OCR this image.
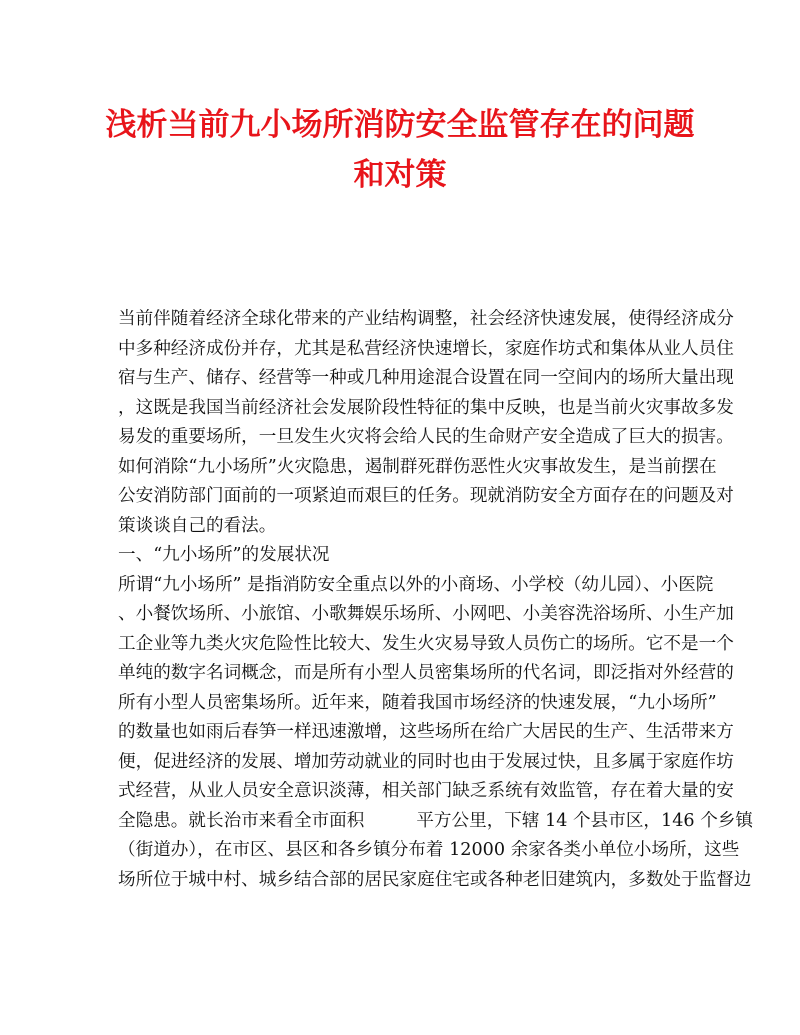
浅析当前九小场所消防安全监管存在的问题
和对策
当前伴随着经济全球化带来的产业结构调整，社会经济快速发展，使得经济成分
中多种经济成份并存，尤其是私营经济快速增长，家庭作坊式和集体从业人员住
宿与生产、储存、经营等一种或几种用途混合设置在同一空间内的场所大量出现
，这既是我国当前经济社会发展阶段性特征的集中反映，也是当前火灾事故多发
易发的重要场所，一旦发生火灾将会给人民的生命财产安全造成了巨大的损害。
如何消除“九小场所”火灾隐患，遏制群死群伤恶性火灾事故发生，是当前摆在
公安消防部门面前的一项紧迫而艰巨的任务。现就消防安全方面存在的问题及对
策谈谈自己的看法。
一、“九小场所”的发展状况
所谓“九小场所” 是指消防安全重点以外的小商场、小学校（幼儿园）、小医院
、小餐饮场所、小旅馆、小歌舞娱乐场所、小网吧、小美容洗浴场所、小生产加
工企业等九类火灾危险性比较大、发生火灾易导致人员伤亡的场所。它不是一个
单纯的数字名词概念，而是所有小型人员密集场所的代名词，即泛指对外经营的
所有小型人员密集场所。近年来，随着我国市场经济的快速发展，“九小场所”
的数量也如雨后春笋一样迅速激增，这些场所在给广大居民的生产、生活带来方
便，促进经济的发展、增加劳动就业的同时也由于发展过快，且多属于家庭作坊
式经营，从业人员安全意识淡薄，相关部门缺乏系统有效监管，存在着大量的安
全隐患。就长治市来看全市面积	平方公里，下辖 14 个县市区，146 个乡镇
（街道办），在市区、县区和各乡镇分布着 12000 余家各类小单位小场所，这些
场所位于城中村、城乡结合部的居民家庭住宅或各种老旧建筑内，多数处于监督边
